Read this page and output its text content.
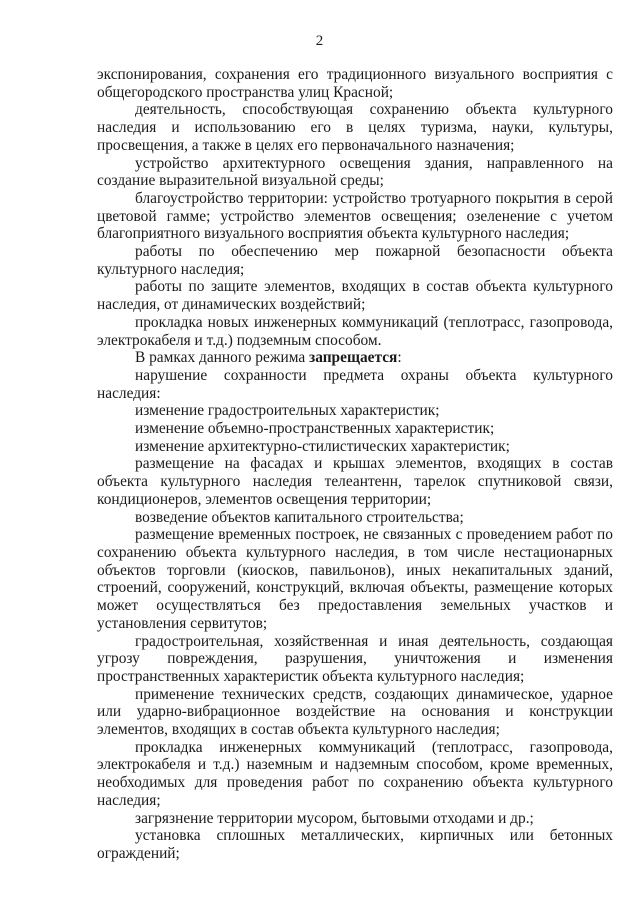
2

экспонирования, сохранения его традиционного визуального восприятия с общегородского пространства улиц Красной;

деятельность, способствующая сохранению объекта культурного наследия и использованию его в целях туризма, науки, культуры, просвещения, а также в целях его первоначального назначения;

устройство архитектурного освещения здания, направленного на создание выразительной визуальной среды;

благоустройство территории: устройство тротуарного покрытия в серой цветовой гамме; устройство элементов освещения; озеленение с учетом благоприятного визуального восприятия объекта культурного наследия;

работы по обеспечению мер пожарной безопасности объекта культурного наследия;

работы по защите элементов, входящих в состав объекта культурного наследия, от динамических воздействий;

прокладка новых инженерных коммуникаций (теплотрасс, газопровода, электрокабеля и т.д.) подземным способом.

В рамках данного режима запрещается:

нарушение сохранности предмета охраны объекта культурного наследия:

изменение градостроительных характеристик;

изменение объемно-пространственных характеристик;

изменение архитектурно-стилистических характеристик;

размещение на фасадах и крышах элементов, входящих в состав объекта культурного наследия телеантенн, тарелок спутниковой связи, кондиционеров, элементов освещения территории;

возведение объектов капитального строительства;

размещение временных построек, не связанных с проведением работ по сохранению объекта культурного наследия, в том числе нестационарных объектов торговли (киосков, павильонов), иных некапитальных зданий, строений, сооружений, конструкций, включая объекты, размещение которых может осуществляться без предоставления земельных участков и установления сервитутов;

градостроительная, хозяйственная и иная деятельность, создающая угрозу повреждения, разрушения, уничтожения и изменения пространственных характеристик объекта культурного наследия;

применение технических средств, создающих динамическое, ударное или ударно-вибрационное воздействие на основания и конструкции элементов, входящих в состав объекта культурного наследия;

прокладка инженерных коммуникаций (теплотрасс, газопровода, электрокабеля и т.д.) наземным и надземным способом, кроме временных, необходимых для проведения работ по сохранению объекта культурного наследия;

загрязнение территории мусором, бытовыми отходами и др.;

установка сплошных металлических, кирпичных или бетонных ограждений;
